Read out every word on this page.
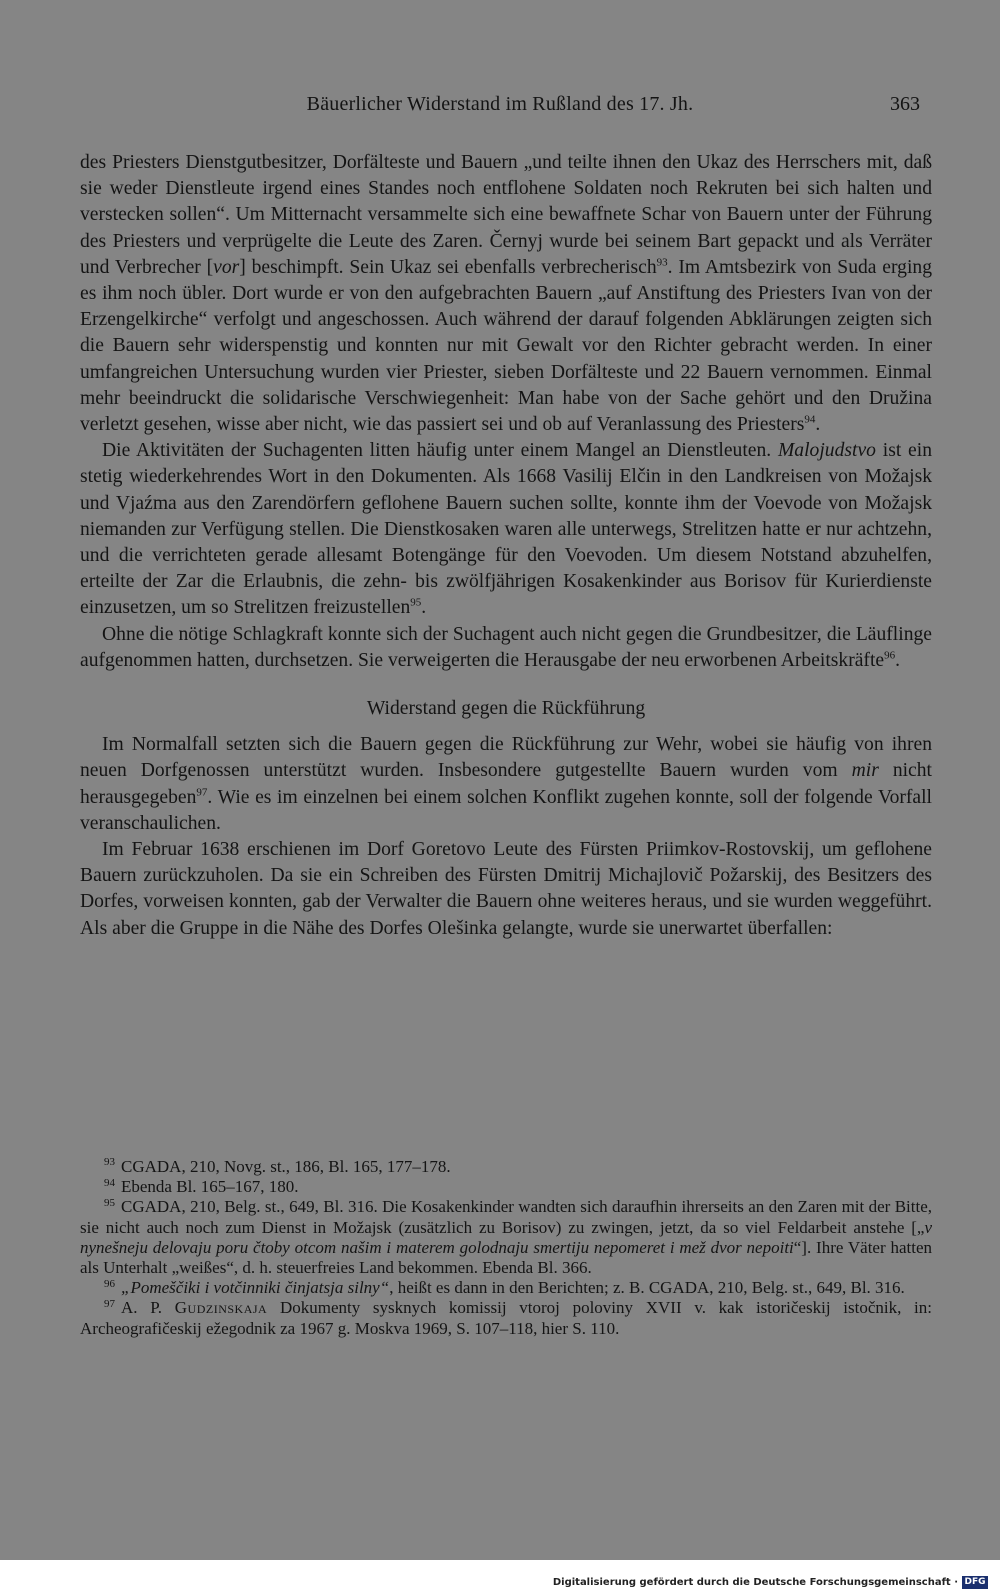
Bäuerlicher Widerstand im Rußland des 17. Jh.	363

des Priesters Dienstgutbesitzer, Dorfälteste und Bauern „und teilte ihnen den Ukaz des Herrschers mit, daß sie weder Dienstleute irgend eines Standes noch entflohene Soldaten noch Rekruten bei sich halten und verstecken sollen“. Um Mitternacht versammelte sich eine bewaffnete Schar von Bauern unter der Führung des Priesters und verprügelte die Leute des Zaren. Černyj wurde bei seinem Bart gepackt und als Verräter und Verbrecher [vor] beschimpft. Sein Ukaz sei ebenfalls verbrecherisch$^{93}$. Im Amtsbezirk von Suda erging es ihm noch übler. Dort wurde er von den aufgebrachten Bauern „auf Anstiftung des Priesters Ivan von der Erzengelkirche“ verfolgt und angeschossen. Auch während der darauf folgenden Abklärungen zeigten sich die Bauern sehr widerspenstig und konnten nur mit Gewalt vor den Richter gebracht werden. In einer umfangreichen Untersuchung wurden vier Priester, sieben Dorfälteste und 22 Bauern vernommen. Einmal mehr beeindruckt die solidarische Verschwiegenheit: Man habe von der Sache gehört und den Družina verletzt gesehen, wisse aber nicht, wie das passiert sei und ob auf Veranlassung des Priesters$^{94}$.

Die Aktivitäten der Suchagenten litten häufig unter einem Mangel an Dienstleuten. Malojudstvo ist ein stetig wiederkehrendes Wort in den Dokumenten. Als 1668 Vasilij Elčin in den Landkreisen von Možajsk und Vjaźma aus den Zarendörfern geflohene Bauern suchen sollte, konnte ihm der Voevode von Možajsk niemanden zur Verfügung stellen. Die Dienstkosaken waren alle unterwegs, Strelitzen hatte er nur achtzehn, und die verrichteten gerade allesamt Botengänge für den Voevoden. Um diesem Notstand abzuhelfen, erteilte der Zar die Erlaubnis, die zehn- bis zwölfjährigen Kosakenkinder aus Borisov für Kurierdienste einzusetzen, um so Strelitzen freizustellen$^{95}$.

Ohne die nötige Schlagkraft konnte sich der Suchagent auch nicht gegen die Grundbesitzer, die Läuflinge aufgenommen hatten, durchsetzen. Sie verweigerten die Herausgabe der neu erworbenen Arbeitskräfte$^{96}$.

Widerstand gegen die Rückführung

Im Normalfall setzten sich die Bauern gegen die Rückführung zur Wehr, wobei sie häufig von ihren neuen Dorfgenossen unterstützt wurden. Insbesondere gutgestellte Bauern wurden vom mir nicht herausgegeben$^{97}$. Wie es im einzelnen bei einem solchen Konflikt zugehen konnte, soll der folgende Vorfall veranschaulichen.

Im Februar 1638 erschienen im Dorf Goretovo Leute des Fürsten Priimkov-Rostovskij, um geflohene Bauern zurückzuholen. Da sie ein Schreiben des Fürsten Dmitrij Michajlovič Požarskij, des Besitzers des Dorfes, vorweisen konnten, gab der Verwalter die Bauern ohne weiteres heraus, und sie wurden weggeführt. Als aber die Gruppe in die Nähe des Dorfes Olešinka gelangte, wurde sie unerwartet überfallen:

$^{93}$ CGADA, 210, Novg. st., 186, Bl. 165, 177–178.

$^{94}$ Ebenda Bl. 165–167, 180.

$^{95}$ CGADA, 210, Belg. st., 649, Bl. 316. Die Kosakenkinder wandten sich daraufhin ihrerseits an den Zaren mit der Bitte, sie nicht auch noch zum Dienst in Možajsk (zusätzlich zu Borisov) zu zwingen, jetzt, da so viel Feldarbeit anstehe [„v nynešneju delovaju poru čtoby otcom našim i materem golodnaju smertiju nepomeret i mež dvor nepoiti“]. Ihre Väter hatten als Unterhalt „weißes“, d. h. steuerfreies Land bekommen. Ebenda Bl. 366.

$^{96}$ „Pomeščiki i votčinniki činjatsja silny“, heißt es dann in den Berichten; z. B. CGADA, 210, Belg. st., 649, Bl. 316.

$^{97}$ A. P. Gudzinskaja Dokumenty sysknych komissij vtoroj poloviny XVII v. kak istoričeskij istočnik, in: Archeografičeskij ežegodnik za 1967 g. Moskva 1969, S. 107–118, hier S. 110.

Digitalisierung gefördert durch die Deutsche Forschungsgemeinschaft · DFG
